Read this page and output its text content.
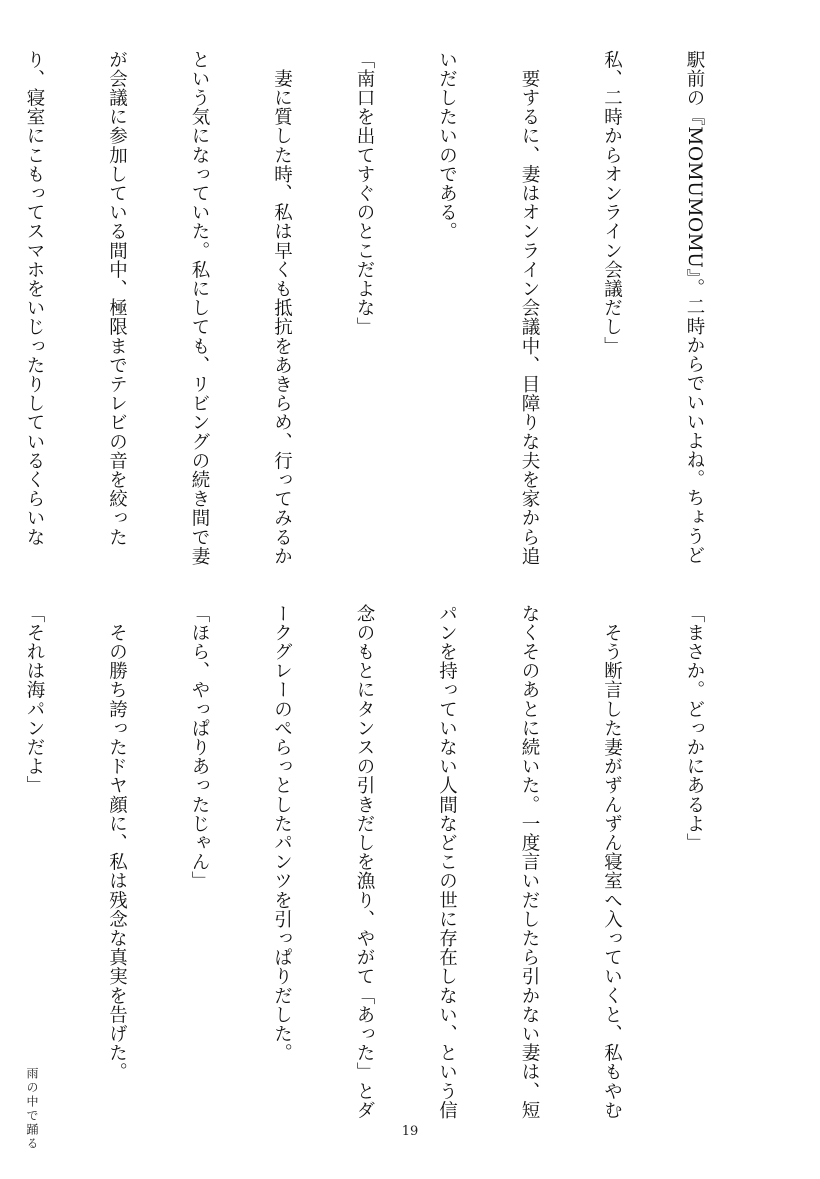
駅前の『MOMUMOMU』。二時からでいいよね。ちょうど

私、二時からオンライン会議だし」

　要するに、妻はオンライン会議中、目障りな夫を家から追

いだしたいのである。

「南口を出てすぐのとこだよな」

　妻に質した時、私は早くも抵抗をあきらめ、行ってみるか

という気になっていた。私にしても、リビングの続き間で妻

が会議に参加している間中、極限までテレビの音を絞った

り、寝室にこもってスマホをいじったりしているくらいな

「まさか。どっかにあるよ」

　そう断言した妻がずんずん寝室へ入っていくと、私もやむ

なくそのあとに続いた。一度言いだしたら引かない妻は、短

パンを持っていない人間などこの世に存在しない、という信

念のもとにタンスの引きだしを漁り、やがて「あった」とダ

ークグレーのぺらっとしたパンツを引っぱりだした。

「ほら、やっぱりあったじゃん」

　その勝ち誇ったドヤ顔に、私は残念な真実を告げた。

「それは海パンだよ」

雨の中で踊る	19
